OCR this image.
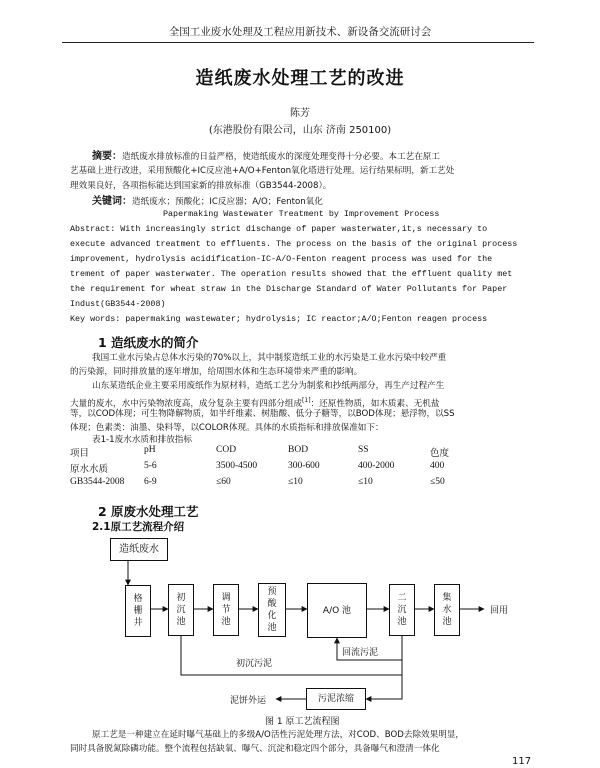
全国工业废水处理及工程应用新技术、新设备交流研讨会
造纸废水处理工艺的改进
陈芳
(东港股份有限公司，山东 济南 250100)
摘要：造纸废水排放标准的日益严格，使造纸废水的深度处理变得十分必要。本工艺在原工
艺基础上进行改进，采用预酸化+IC反应池+A/O+Fenton氧化塔进行处理。运行结果标明，新工艺处
理效果良好，各项指标能达到国家新的排放标准（GB3544-2008）。
关键词：造纸废水；预酸化；IC反应器；A/O；Fenton氧化
Papermaking Wastewater Treatment by Improvement Process
Abstract: With increasingly strict dischange of paper wasterwater,it,s necessary to
execute advanced treatment to effluents. The process on the basis of the original process
improvement, hydrolysis acidification-IC-A/O-Fenton reagent process was used for the
trement of paper wasterwater. The operation results showed that the effluent quality met
the requirement for wheat straw in the Discharge Standard of Water Pollutants for Paper
Indust(GB3544-2008)
Key words: papermaking wastewater; hydrolysis; IC reactor;A/O;Fenton reagen process
1 造纸废水的简介
我国工业水污染占总体水污染的70%以上，其中制浆造纸工业的水污染是工业水污染中较严重
的污染源，同时排放量的逐年增加，给周围水体和生态环境带来严重的影响。
山东某造纸企业主要采用废纸作为原材料，造纸工艺分为制浆和抄纸两部分，再生产过程产生
大量的废水，水中污染物浓度高，成分复杂主要有四部分组成[1]：还原性物质，如木质素、无机盐
等，以COD体现；可生物降解物质，如半纤维素、树脂酸、低分子糖等，以BOD体现；悬浮物，以SS
体现；色素类：油墨、染料等，以COLOR体现。具体的水质指标和排放保准如下：
表1-1废水水质和排放指标
项目	pH	COD	BOD	SS	色度
原水水质	5-6	3500-4500	300-600	400-2000	400
GB3544-2008	6-9	≤60	≤10	≤10	≤50
2 原废水处理工艺
2.1原工艺流程介绍
造纸废水
格栅井
初沉池
调节池
预酸化池
A/O 池
二沉池
集水池
污泥浓缩
回用
回流污泥
初沉污泥
泥饼外运
图 1 原工艺流程图
原工艺是一种建立在延时曝气基础上的多级A/O活性污泥处理方法，对COD、BOD去除效果明显，
同时具备脱氮除磷功能。整个流程包括缺氧、曝气、沉淀和稳定四个部分，具备曝气和澄清一体化
117
